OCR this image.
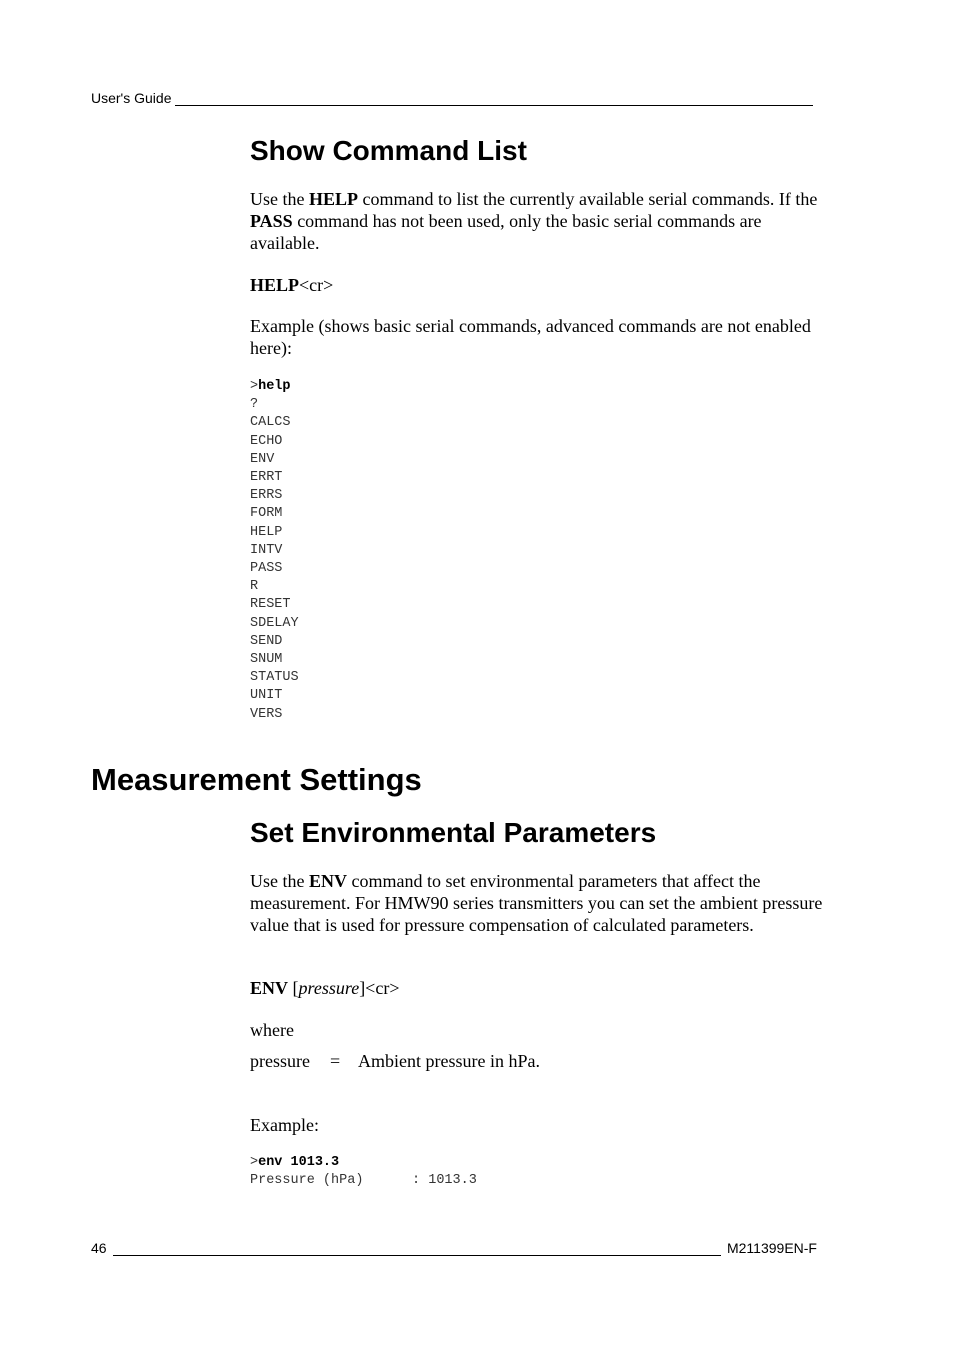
User's Guide
Show Command List

Use the HELP command to list the currently available serial commands. If the PASS command has not been used, only the basic serial commands are available.

HELP<cr>

Example (shows basic serial commands, advanced commands are not enabled here):

>help
?
CALCS
ECHO
ENV
ERRT
ERRS
FORM
HELP
INTV
PASS
R
RESET
SDELAY
SEND
SNUM
STATUS
UNIT
VERS
Measurement Settings
Set Environmental Parameters

Use the ENV command to set environmental parameters that affect the measurement. For HMW90 series transmitters you can set the ambient pressure value that is used for pressure compensation of calculated parameters.

ENV [pressure]<cr>

where

pressure	= Ambient pressure in hPa.

Example:

>env 1013.3
Pressure (hPa)      : 1013.3
46	M211399EN-F
